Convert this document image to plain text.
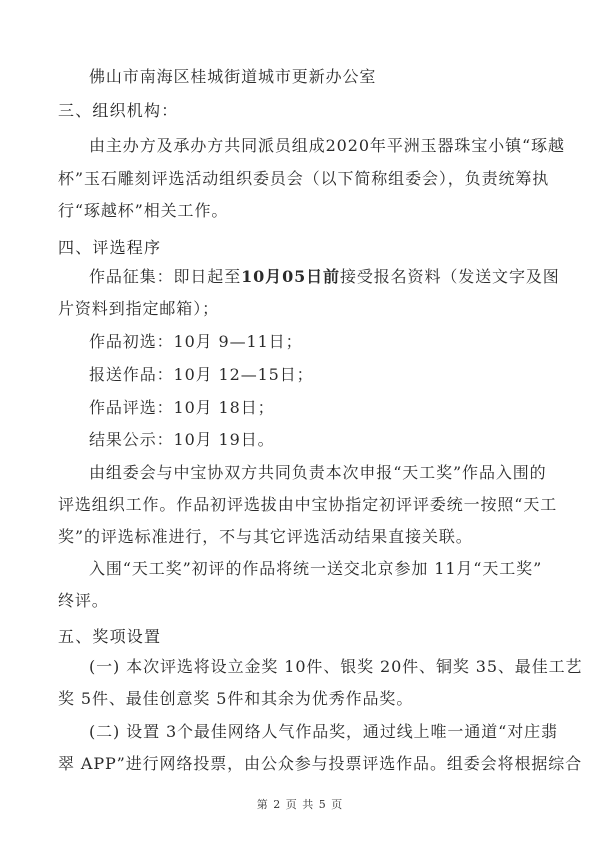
佛山市南海区桂城街道城市更新办公室
三、组织机构：
由主办方及承办方共同派员组成2020年平洲玉器珠宝小镇“琢越
杯”玉石雕刻评选活动组织委员会（以下简称组委会），负责统筹执
行“琢越杯”相关工作。
四、评选程序
作品征集：即日起至10月05日前接受报名资料（发送文字及图
片资料到指定邮箱）；
作品初选：10月 9—11日；
报送作品：10月 12—15日；
作品评选：10月 18日；
结果公示：10月 19日。
由组委会与中宝协双方共同负责本次申报“天工奖”作品入围的
评选组织工作。作品初评选拔由中宝协指定初评评委统一按照“天工
奖”的评选标准进行，不与其它评选活动结果直接关联。
入围“天工奖”初评的作品将统一送交北京参加 11月“天工奖”
终评。
五、奖项设置
(一) 本次评选将设立金奖 10件、银奖 20件、铜奖 35、最佳工艺
奖 5件、最佳创意奖 5件和其余为优秀作品奖。
(二) 设置 3个最佳网络人气作品奖，通过线上唯一通道“对庄翡
翠 APP”进行网络投票，由公众参与投票评选作品。组委会将根据综合
第 2 页 共 5 页
